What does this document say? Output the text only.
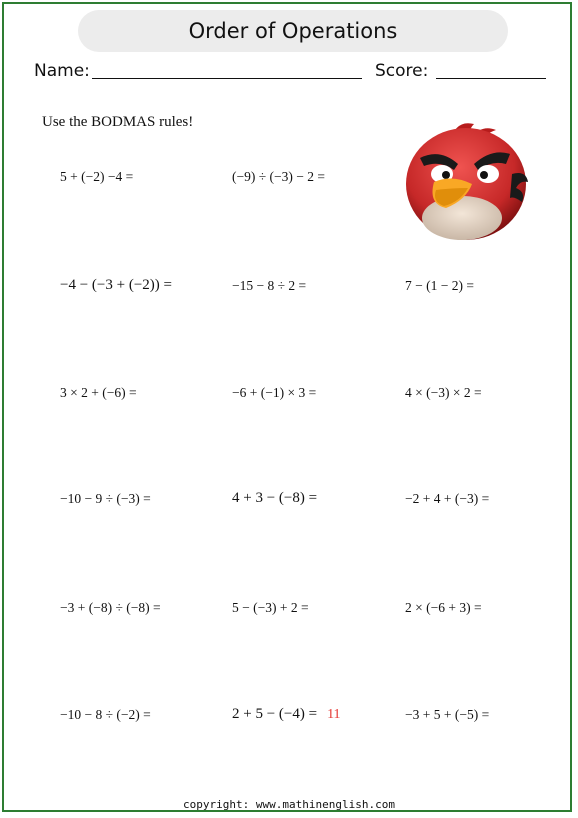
Order of Operations
Name:	Score:
Use the BODMAS rules!
5 + (−2) −4 =	(−9) ÷ (−3) − 2 =
−4 − (−3 + (−2)) =	−15 − 8 ÷ 2 =	7 − (1 − 2) =
3 × 2 + (−6) =	−6 + (−1) × 3 =	4 × (−3) × 2 =
−10 − 9 ÷ (−3) =	4 + 3 − (−8) =	−2 + 4 + (−3) =
−3 + (−8) ÷ (−8) =	5 − (−3) + 2 =	2 × (−6 + 3) =
−10 − 8 ÷ (−2) =	2 + 5 − (−4) = 11	−3 + 5 + (−5) =
copyright: www.mathinenglish.com
